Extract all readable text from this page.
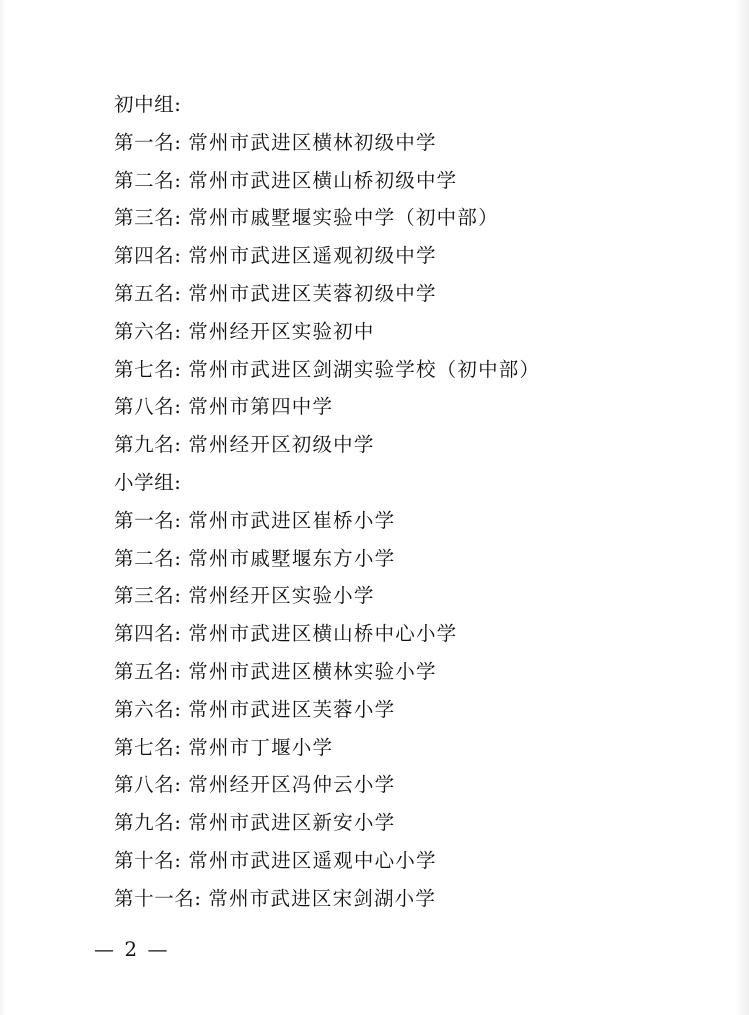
初中组:
第一名: 常州市武进区横林初级中学
第二名: 常州市武进区横山桥初级中学
第三名: 常州市戚墅堰实验中学（初中部）
第四名: 常州市武进区遥观初级中学
第五名: 常州市武进区芙蓉初级中学
第六名: 常州经开区实验初中
第七名: 常州市武进区剑湖实验学校（初中部）
第八名: 常州市第四中学
第九名: 常州经开区初级中学
小学组:
第一名: 常州市武进区崔桥小学
第二名: 常州市戚墅堰东方小学
第三名: 常州经开区实验小学
第四名: 常州市武进区横山桥中心小学
第五名: 常州市武进区横林实验小学
第六名: 常州市武进区芙蓉小学
第七名: 常州市丁堰小学
第八名: 常州经开区冯仲云小学
第九名: 常州市武进区新安小学
第十名: 常州市武进区遥观中心小学
第十一名: 常州市武进区宋剑湖小学
— 2 —
